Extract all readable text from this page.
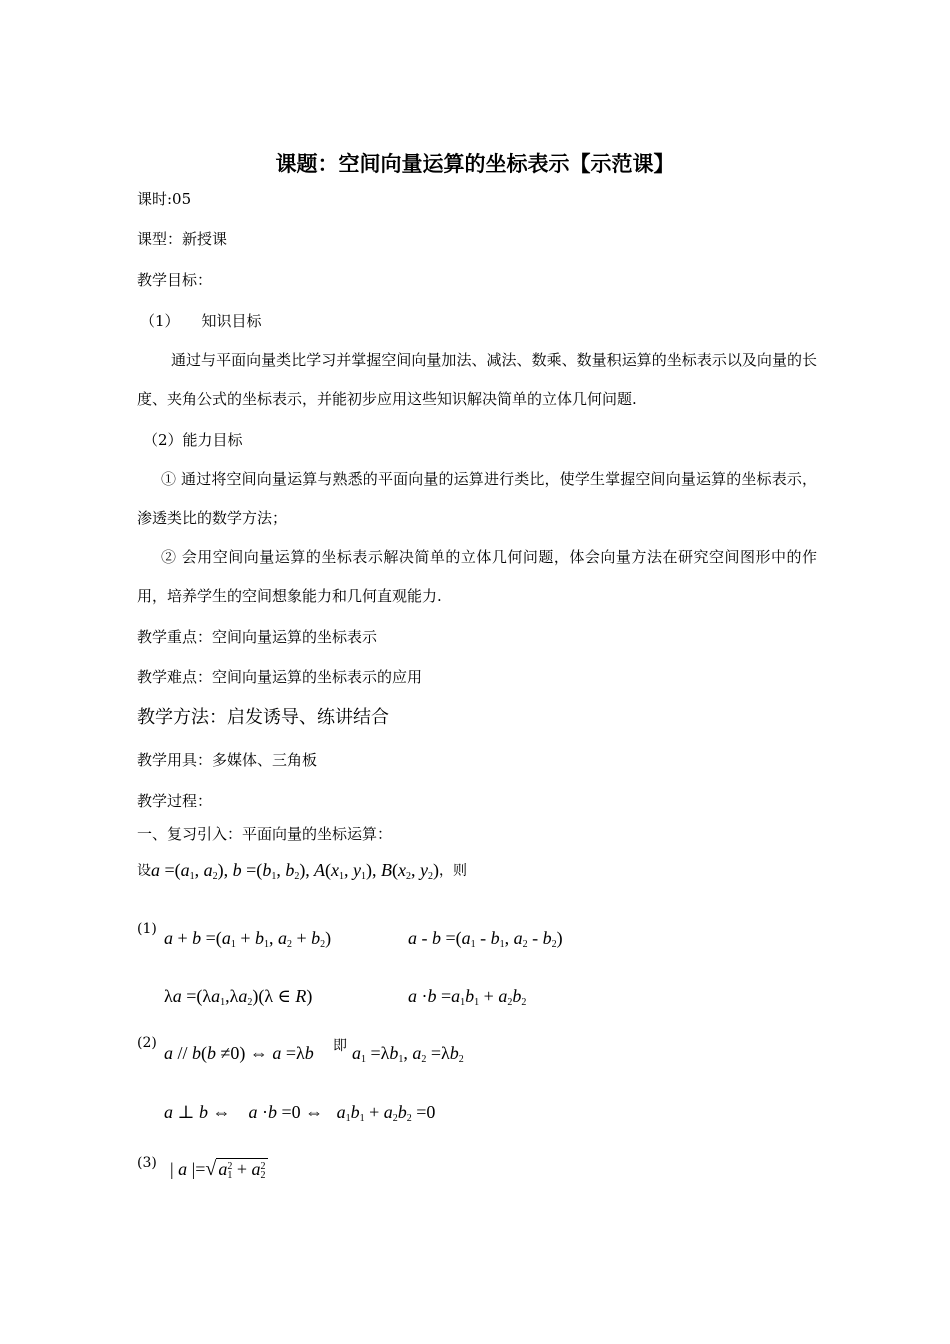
课题：空间向量运算的坐标表示【示范课】
课时:05
课型：新授课
教学目标：
（1） 知识目标
通过与平面向量类比学习并掌握空间向量加法、减法、数乘、数量积运算的坐标表示以及向量的长度、夹角公式的坐标表示，并能初步应用这些知识解决简单的立体几何问题.
（2）能力目标
① 通过将空间向量运算与熟悉的平面向量的运算进行类比，使学生掌握空间向量运算的坐标表示，渗透类比的数学方法；
② 会用空间向量运算的坐标表示解决简单的立体几何问题，体会向量方法在研究空间图形中的作用，培养学生的空间想象能力和几何直观能力.
教学重点：空间向量运算的坐标表示
教学难点：空间向量运算的坐标表示的应用
教学方法：启发诱导、练讲结合
教学用具：多媒体、三角板
教学过程：
一、复习引入：平面向量的坐标运算：
设$a =(a_1$, $a_2$), $b =(b_1$, $b_2$), $A(x_1$, $y_1$), $B(x_2$, $y_2$)，则
(1) $a + b =(a_1 + b_1$, $a_2 + b_2$)	$a - b =(a_1 - b_1$, $a_2 - b_2$)
$\lambda a =(\lambda a_1,\lambda a_2)(\lambda$ ∈ R)	$a \cdot b =a_1b_1 + a_2b_2$
(2) a // b(b ≠0) ⇔ a =λb 即 $a_1 =\lambda b_1$, $a_2 =\lambda b_2$
a ⊥ b ⇔    a ·b =0 ⇔   $a_1b_1 + a_2b_2 =0$
(3) | a |=√ $a_1^2 + a_2^2$
